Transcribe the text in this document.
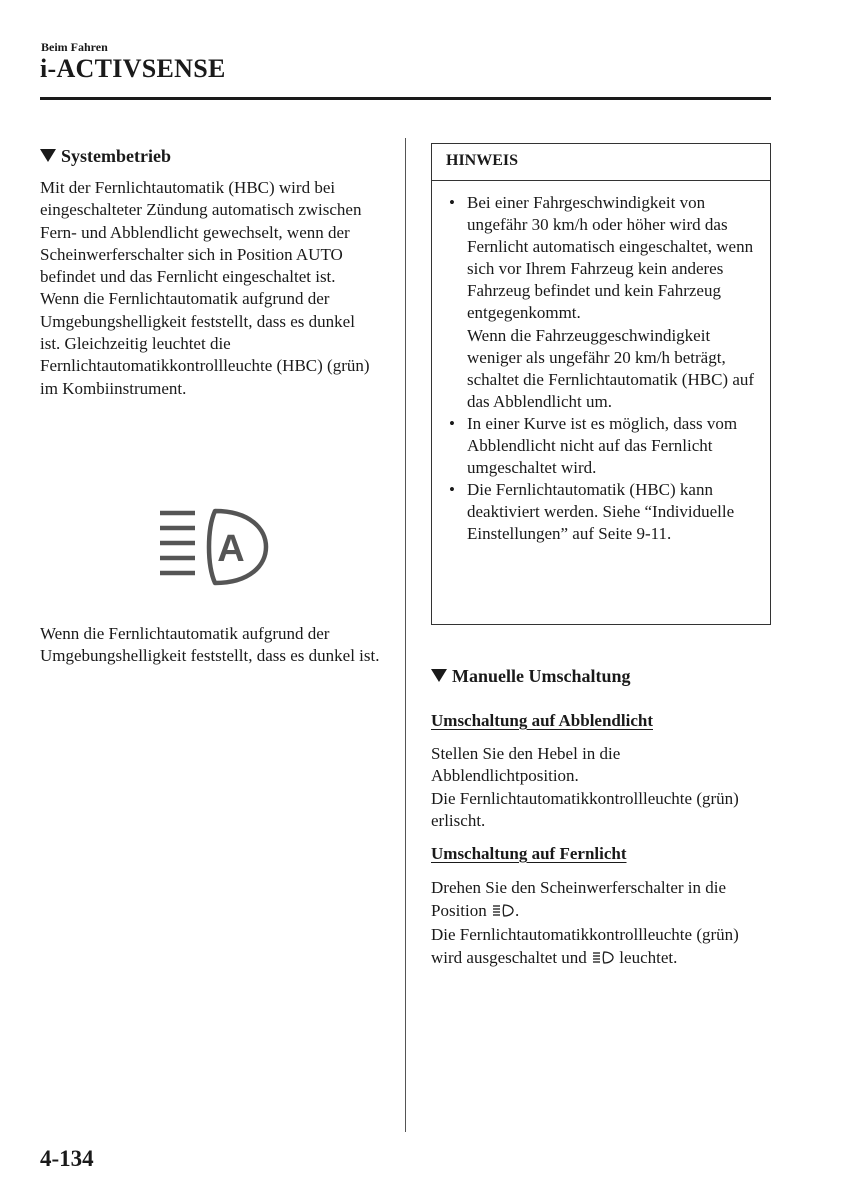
Beim Fahren
i-ACTIVSENSE
Systembetrieb

Mit der Fernlichtautomatik (HBC) wird bei eingeschalteter Zündung automatisch zwischen Fern- und Abblendlicht gewechselt, wenn der Scheinwerferschalter sich in Position AUTO befindet und das Fernlicht eingeschaltet ist.

Wenn die Fernlichtautomatik aufgrund der Umgebungshelligkeit feststellt, dass es dunkel ist. Gleichzeitig leuchtet die Fernlichtautomatikkontrollleuchte (HBC) (grün) im Kombiinstrument.

A

Wenn die Fernlichtautomatik aufgrund der Umgebungshelligkeit feststellt, dass es dunkel ist.

HINWEIS
• Bei einer Fahrgeschwindigkeit von ungefähr 30 km/h oder höher wird das Fernlicht automatisch eingeschaltet, wenn sich vor Ihrem Fahrzeug kein anderes Fahrzeug befindet und kein Fahrzeug entgegenkommt.
Wenn die Fahrzeuggeschwindigkeit weniger als ungefähr 20 km/h beträgt, schaltet die Fernlichtautomatik (HBC) auf das Abblendlicht um.
• In einer Kurve ist es möglich, dass vom Abblendlicht nicht auf das Fernlicht umgeschaltet wird.
• Die Fernlichtautomatik (HBC) kann deaktiviert werden. Siehe “Individuelle Einstellungen” auf Seite 9-11.
Manuelle Umschaltung
Umschaltung auf Abblendlicht

Stellen Sie den Hebel in die Abblendlichtposition.

Die Fernlichtautomatikkontrollleuchte (grün) erlischt.

Umschaltung auf Fernlicht

Drehen Sie den Scheinwerferschalter in die Position .

Die Fernlichtautomatikkontrollleuchte (grün) wird ausgeschaltet und leuchtet.

4-134
